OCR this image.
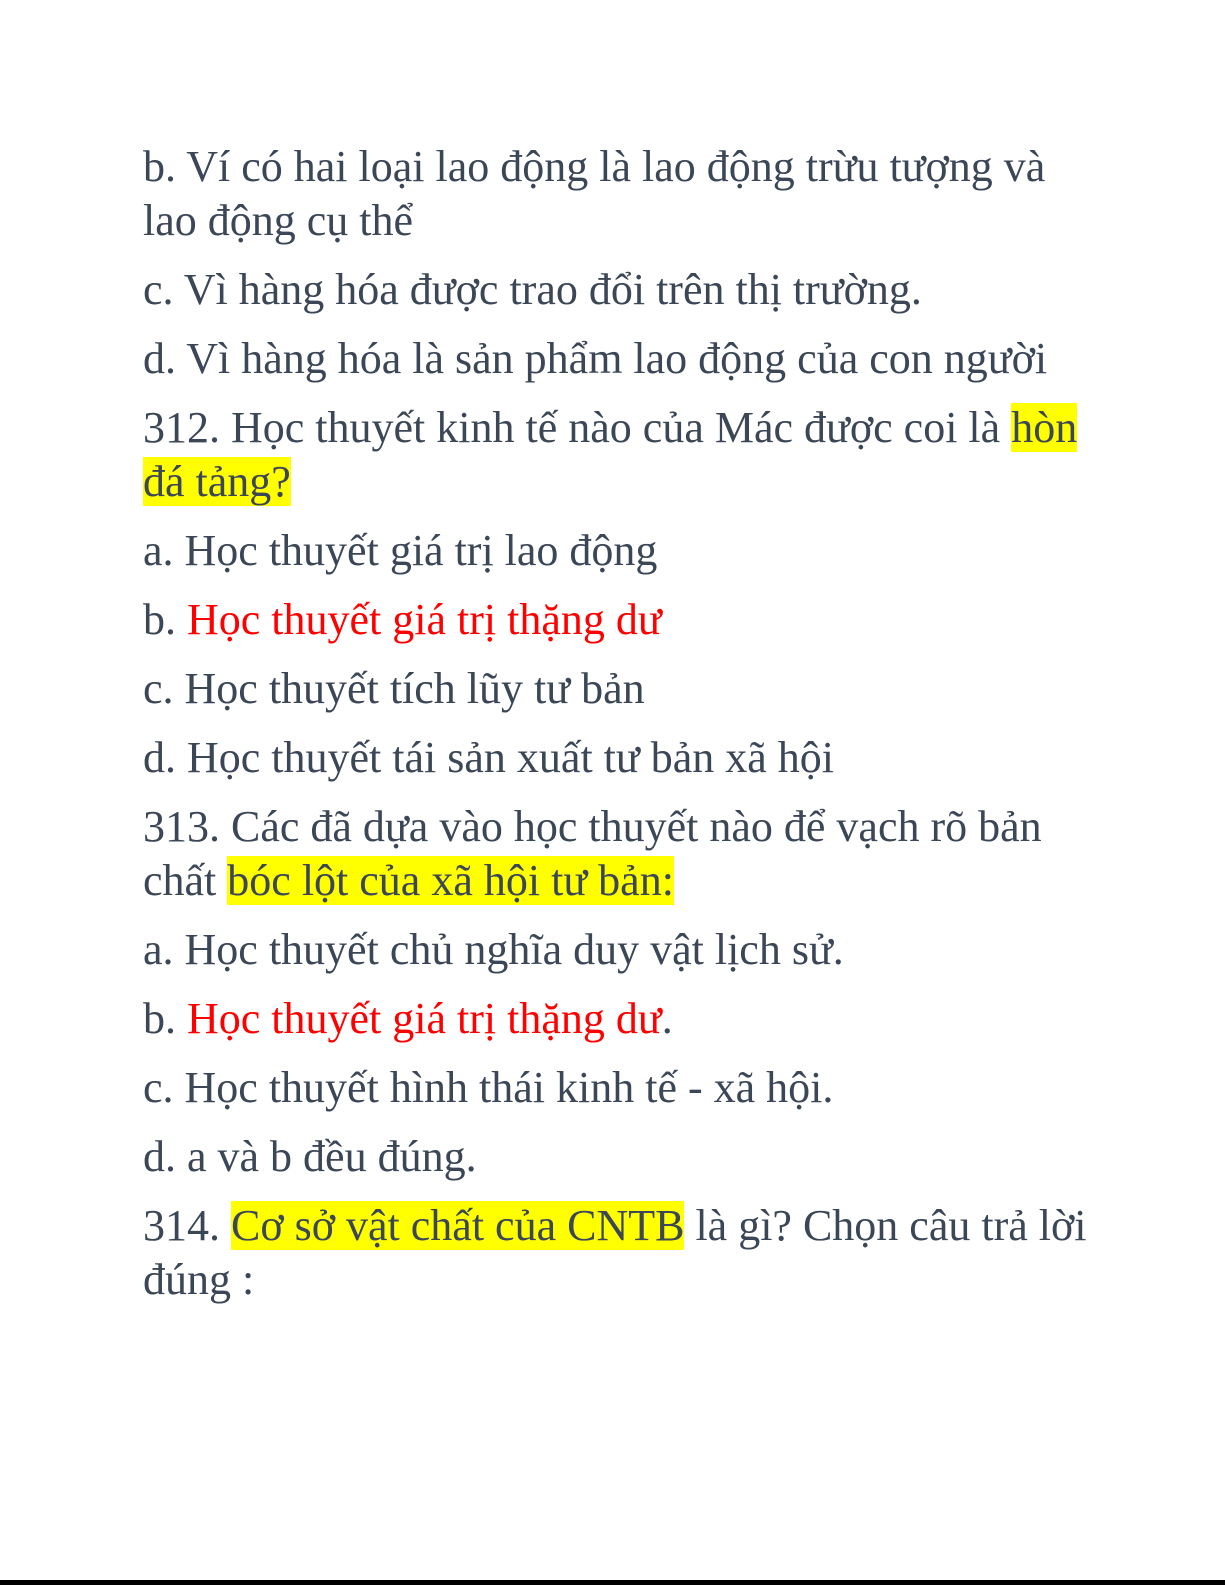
b. Ví có hai loại lao động là lao động trừu tượng và lao động cụ thể

c. Vì hàng hóa được trao đổi trên thị trường.

d. Vì hàng hóa là sản phẩm lao động của con người

312. Học thuyết kinh tế nào của Mác được coi là hòn đá tảng?

a. Học thuyết giá trị lao động

b. Học thuyết giá trị thặng dư

c. Học thuyết tích lũy tư bản

d. Học thuyết tái sản xuất tư bản xã hội

313. Các đã dựa vào học thuyết nào để vạch rõ bản chất bóc lột của xã hội tư bản:

a. Học thuyết chủ nghĩa duy vật lịch sử.

b. Học thuyết giá trị thặng dư.

c. Học thuyết hình thái kinh tế - xã hội.

d. a và b đều đúng.

314. Cơ sở vật chất của CNTB là gì? Chọn câu trả lời đúng :
